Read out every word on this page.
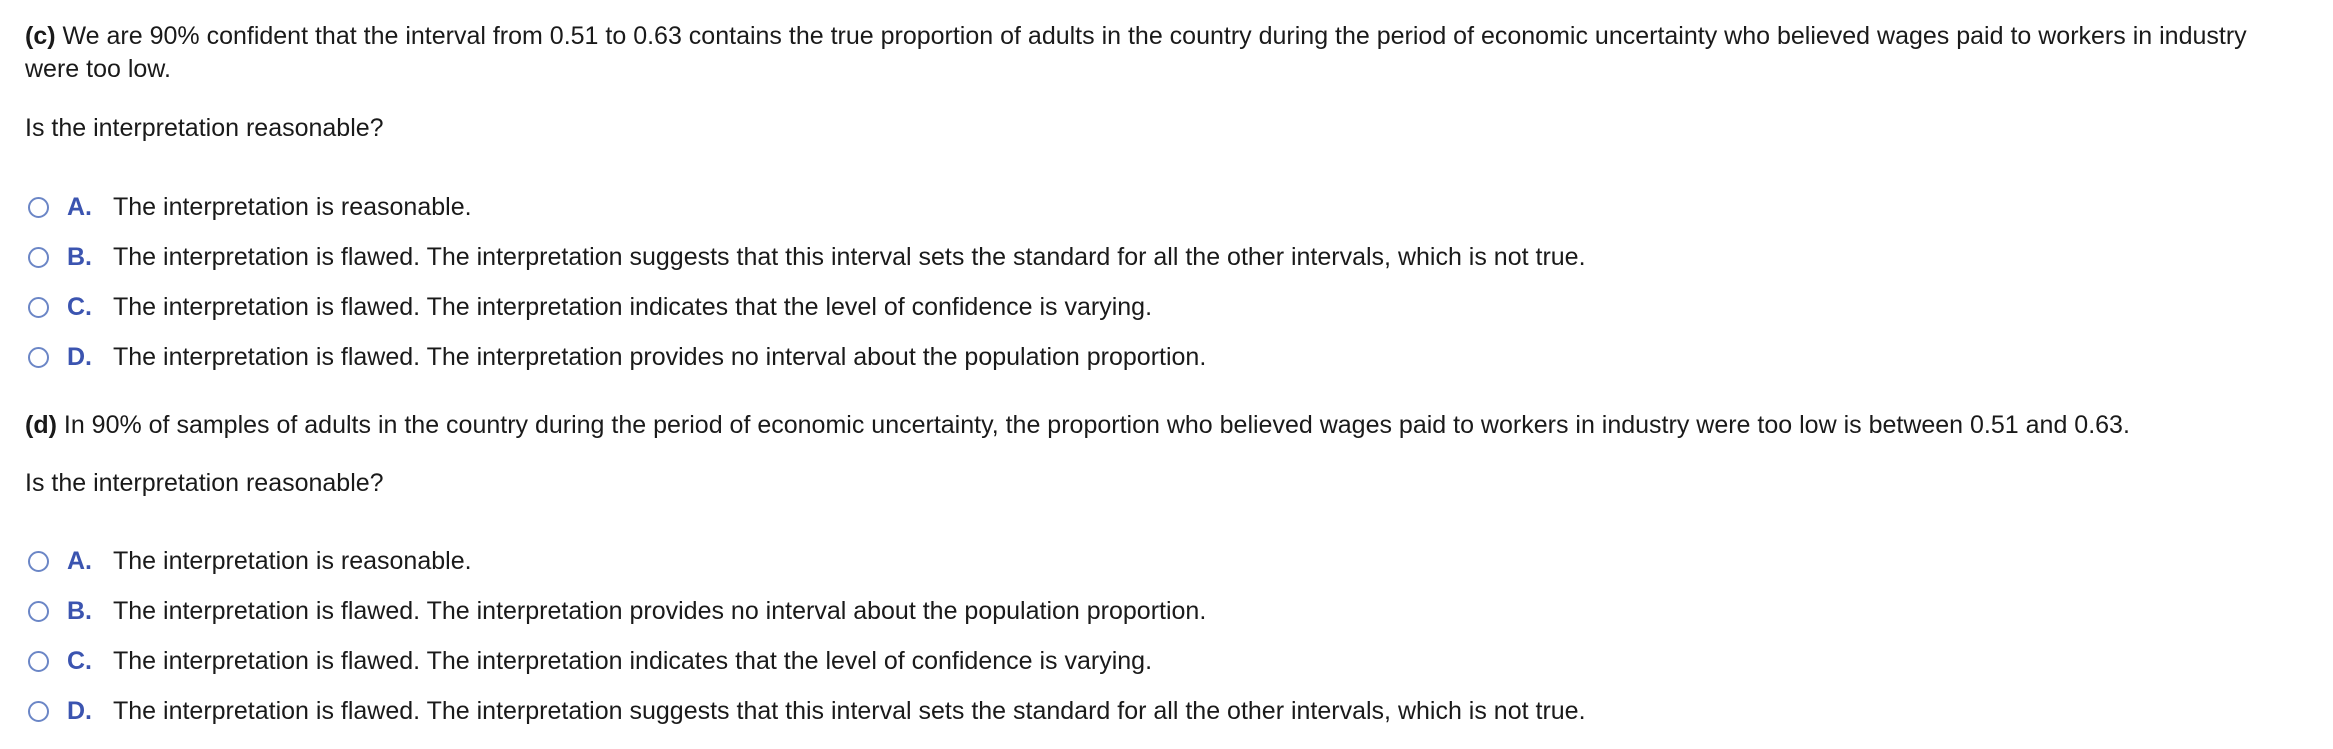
(c) We are 90% confident that the interval from 0.51 to 0.63 contains the true proportion of adults in the country during the period of economic uncertainty who believed wages paid to workers in industry were too low.

Is the interpretation reasonable?

A. The interpretation is reasonable.
B. The interpretation is flawed. The interpretation suggests that this interval sets the standard for all the other intervals, which is not true.
C. The interpretation is flawed. The interpretation indicates that the level of confidence is varying.
D. The interpretation is flawed. The interpretation provides no interval about the population proportion.

(d) In 90% of samples of adults in the country during the period of economic uncertainty, the proportion who believed wages paid to workers in industry were too low is between 0.51 and 0.63.

Is the interpretation reasonable?

A. The interpretation is reasonable.
B. The interpretation is flawed. The interpretation provides no interval about the population proportion.
C. The interpretation is flawed. The interpretation indicates that the level of confidence is varying.
D. The interpretation is flawed. The interpretation suggests that this interval sets the standard for all the other intervals, which is not true.
